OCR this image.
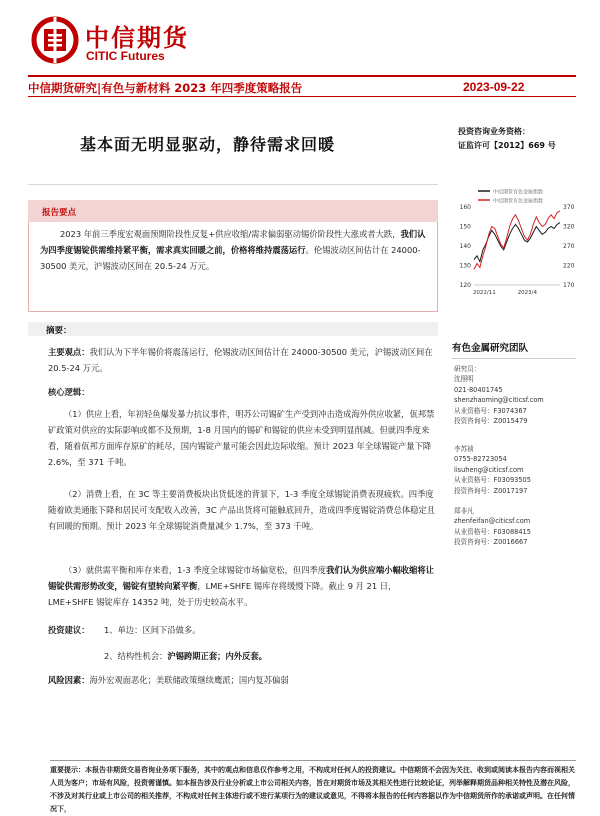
中信期货
CITIC Futures
中信期货研究|有色与新材料 2023 年四季度策略报告	2023-09-22
基本面无明显驱动，静待需求回暖
投资咨询业务资格：
证监许可【2012】669 号
报告要点
2023 年前三季度宏观面预期阶段性反复+供应收缩/需求偏弱驱动锡价阶段性大涨或者大跌，我们认为四季度锡锭供需维持紧平衡，需求真实回暖之前，价格将维持震荡运行。伦锡波动区间估计在 24000-30500 美元，沪锡波动区间在 20.5-24 万元。
中信期货有色金属指数
中信期货有色金属指数
160
150
140
130
120
370
320
270
220
170
2022/11	2023/4
摘要：
主要观点：我们认为下半年锡价将震荡运行，伦锡波动区间估计在 24000-30500 美元，沪锡波动区间在 20.5-24 万元。
核心逻辑：
（1）供应上看，年初轻鱼爆发暴力抗议事件，明苏公司锡矿生产受到冲击造成海外供应收紧，佤邦禁矿政策对供应的实际影响或都不及预期，1-8 月国内的锡矿和锡锭的供应未受到明显削减。但就四季度来看，随着佤邦方面库存原矿的耗尽，国内锡锭产量可能会因此边际收缩。预计 2023 年全球锡锭产量下降 2.6%，至 371 千吨。
（2）消费上看，在 3C 等主要消费板块出货低迷的背景下，1-3 季度全球锡锭消费表现疲软。四季度随着欧美通胀下降和居民可支配收入改善，3C 产品出货将可能触底回升，造成四季度锡锭消费总体稳定且有回暖的预期。预计 2023 年全球锡锭消费量减少 1.7%，至 373 千吨。
（3）就供需平衡和库存来看，1-3 季度全球锡锭市场偏宽松，但四季度我们认为供应端小幅收缩将让锡锭供需形势改变，锡锭有望转向紧平衡，LME+SHFE 锡库存将缓慢下降。截止 9 月 21 日，LME+SHFE 锡锭库存 14352 吨，处于历史较高水平。
投资建议： 1、单边：区间下沿做多。
2、结构性机会：沪锡跨期正套；内外反套。
风险因素：海外宏观面恶化；美联储政策继续鹰派；国内复苏偏弱
有色金属研究团队
研究员：
沈照明
021-80401745
shenzhaoming@citicsf.com
从业资格号：F3074367
投资咨询号：Z0015479
李苏祯
0755-82723054
lisuheng@citicsf.com
从业资格号：F03093505
投资咨询号：Z0017197
郑非凡
zhenfeifan@citicsf.com
从业资格号：F03088415
投资咨询号：Z0016667
重要提示：本报告非期货交易咨询业务项下服务，其中的观点和信息仅作参考之用，不构成对任何人的投资建议。中信期货不会因为关注、收到或阅读本报告内容而视相关人员为客户；市场有风险，投资需谨慎。如本报告涉及行业分析或上市公司相关内容，旨在对期货市场及其相关性进行比较论证，列举解释期货品种相关特性及潜在风险，不涉及对其行业或上市公司的相关推荐，不构成对任何主体进行或不进行某项行为的建议或意见，不得将本报告的任何内容据以作为中信期货所作的承诺或声明。在任何情况下，
